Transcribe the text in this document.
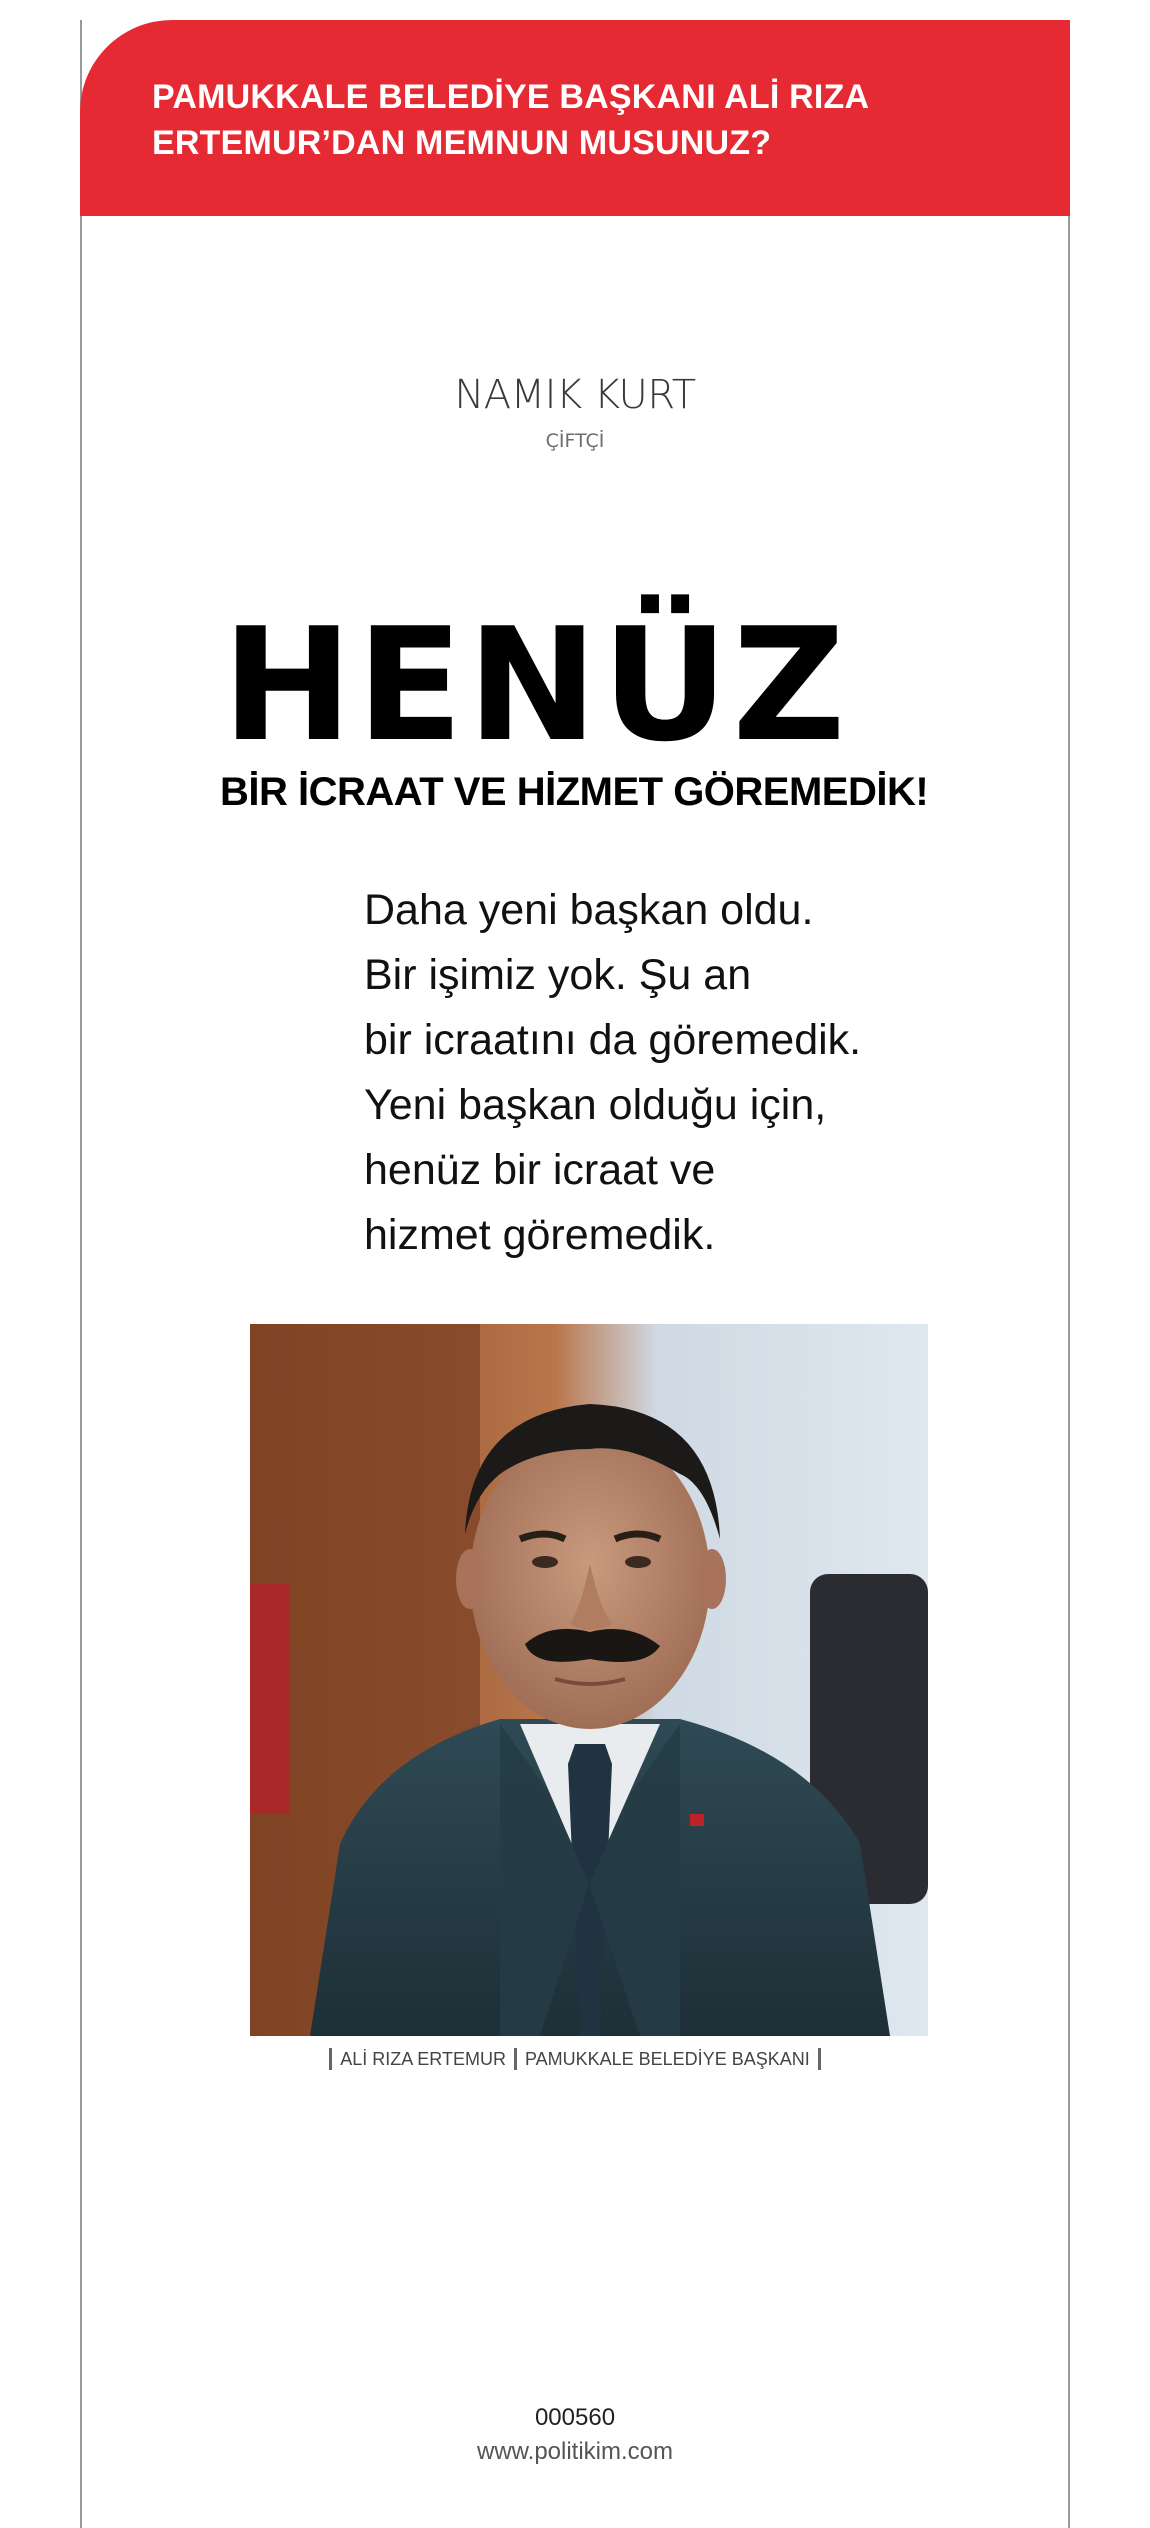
PAMUKKALE BELEDİYE BAŞKANI ALİ RIZA ERTEMUR’DAN MEMNUN MUSUNUZ?
NAMIK KURT
ÇİFTÇİ
HENÜZ
BİR İCRAAT VE HİZMET GÖREMEDİK!
Daha yeni başkan oldu.
Bir işimiz yok. Şu an
bir icraatını da göremedik.
Yeni başkan olduğu için,
henüz bir icraat ve
hizmet göremedik.
ALİ RIZA ERTEMUR PAMUKKALE BELEDİYE BAŞKANI
000560
www.politikim.com
